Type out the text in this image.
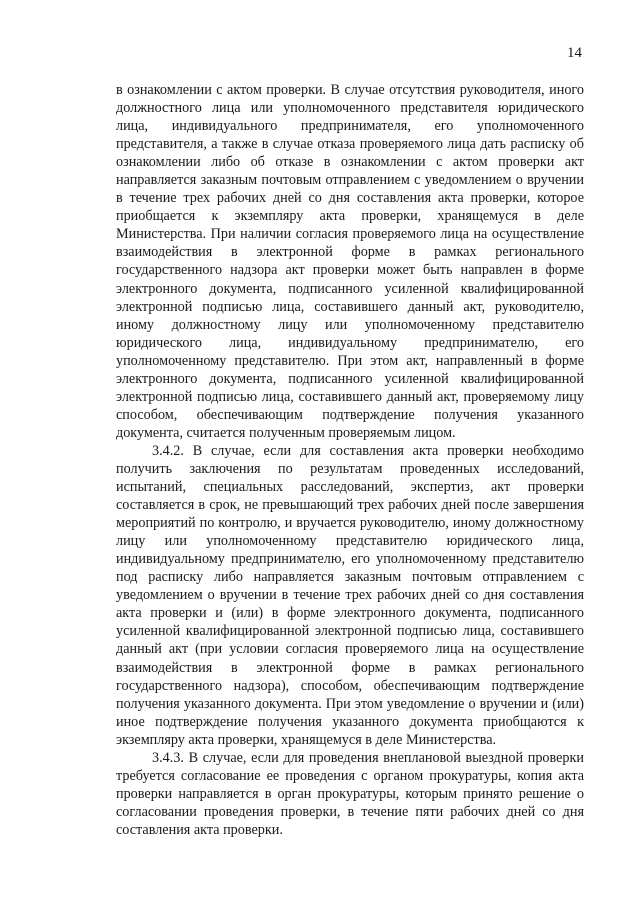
14

в ознакомлении с актом проверки. В случае отсутствия руководителя, иного должностного лица или уполномоченного представителя юридического лица, индивидуального предпринимателя, его уполномоченного представителя, а также в случае отказа проверяемого лица дать расписку об ознакомлении либо об отказе в ознакомлении с актом проверки акт направляется заказным почтовым отправлением с уведомлением о вручении в течение трех рабочих дней со дня составления акта проверки, которое приобщается к экземпляру акта проверки, хранящемуся в деле Министерства. При наличии согласия проверяемого лица на осуществление взаимодействия в электронной форме в рамках регионального государственного надзора акт проверки может быть направлен в форме электронного документа, подписанного усиленной квалифицированной электронной подписью лица, составившего данный акт, руководителю, иному должностному лицу или уполномоченному представителю юридического лица, индивидуальному предпринимателю, его уполномоченному представителю. При этом акт, направленный в форме электронного документа, подписанного усиленной квалифицированной электронной подписью лица, составившего данный акт, проверяемому лицу способом, обеспечивающим подтверждение получения указанного документа, считается полученным проверяемым лицом.

3.4.2. В случае, если для составления акта проверки необходимо получить заключения по результатам проведенных исследований, испытаний, специальных расследований, экспертиз, акт проверки составляется в срок, не превышающий трех рабочих дней после завершения мероприятий по контролю, и вручается руководителю, иному должностному лицу или уполномоченному представителю юридического лица, индивидуальному предпринимателю, его уполномоченному представителю под расписку либо направляется заказным почтовым отправлением с уведомлением о вручении в течение трех рабочих дней со дня составления акта проверки и (или) в форме электронного документа, подписанного усиленной квалифицированной электронной подписью лица, составившего данный акт (при условии согласия проверяемого лица на осуществление взаимодействия в электронной форме в рамках регионального государственного надзора), способом, обеспечивающим подтверждение получения указанного документа. При этом уведомление о вручении и (или) иное подтверждение получения указанного документа приобщаются к экземпляру акта проверки, хранящемуся в деле Министерства.

3.4.3. В случае, если для проведения внеплановой выездной проверки требуется согласование ее проведения с органом прокуратуры, копия акта проверки направляется в орган прокуратуры, которым принято решение о согласовании проведения проверки, в течение пяти рабочих дней со дня составления акта проверки.
